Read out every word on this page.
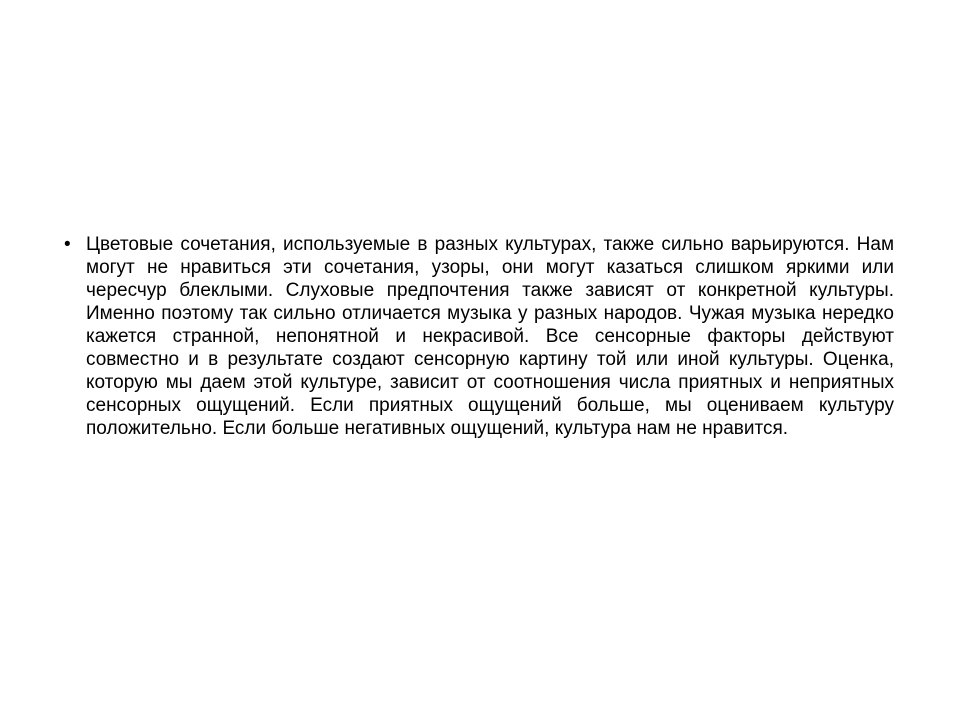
• Цветовые сочетания, используемые в разных культурах, также сильно варьируются. Нам могут не нравиться эти сочетания, узоры, они могут казаться слишком яркими или чересчур блеклыми. Слуховые предпочтения также зависят от конкретной культуры. Именно поэтому так сильно отличается музыка у разных народов. Чужая музыка нередко кажется странной, непонятной и некрасивой. Все сенсорные факторы действуют совместно и в результате создают сенсорную картину той или иной культуры. Оценка, которую мы даем этой культуре, зависит от соотношения числа приятных и неприятных сенсорных ощущений. Если приятных ощущений больше, мы оцениваем культуру положительно. Если больше негативных ощущений, культура нам не нравится.
